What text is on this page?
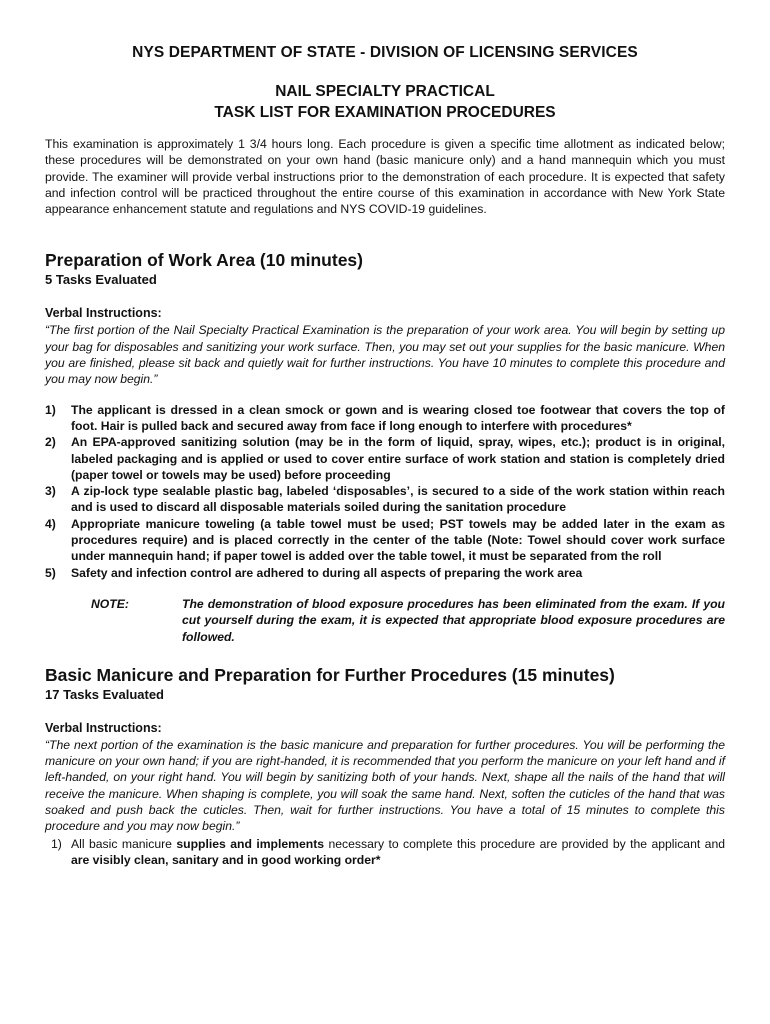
NYS DEPARTMENT OF STATE - DIVISION OF LICENSING SERVICES
NAIL SPECIALTY PRACTICAL
TASK LIST FOR EXAMINATION PROCEDURES

This examination is approximately 1 3/4 hours long. Each procedure is given a specific time allotment as indicated below; these procedures will be demonstrated on your own hand (basic manicure only) and a hand mannequin which you must provide. The examiner will provide verbal instructions prior to the demonstration of each procedure. It is expected that safety and infection control will be practiced throughout the entire course of this examination in accordance with New York State appearance enhancement statute and regulations and NYS COVID-19 guidelines.

Preparation of Work Area (10 minutes)
5 Tasks Evaluated
Verbal Instructions:
“The first portion of the Nail Specialty Practical Examination is the preparation of your work area. You will begin by setting up your bag for disposables and sanitizing your work surface. Then, you may set out your supplies for the basic manicure. When you are finished, please sit back and quietly wait for further instructions. You have 10 minutes to complete this procedure and you may now begin.”
1)	The applicant is dressed in a clean smock or gown and is wearing closed toe footwear that covers the top of foot. Hair is pulled back and secured away from face if long enough to interfere with procedures*
2)	An EPA-approved sanitizing solution (may be in the form of liquid, spray, wipes, etc.); product is in original, labeled packaging and is applied or used to cover entire surface of work station and station is completely dried (paper towel or towels may be used) before proceeding
3)	A zip-lock type sealable plastic bag, labeled ‘disposables’, is secured to a side of the work station within reach and is used to discard all disposable materials soiled during the sanitation procedure
4)	Appropriate manicure toweling (a table towel must be used; PST towels may be added later in the exam as procedures require) and is placed correctly in the center of the table (Note: Towel should cover work surface under mannequin hand; if paper towel is added over the table towel, it must be separated from the roll
5)	Safety and infection control are adhered to during all aspects of preparing the work area
NOTE:	The demonstration of blood exposure procedures has been eliminated from the exam. If you cut yourself during the exam, it is expected that appropriate blood exposure procedures are followed.
Basic Manicure and Preparation for Further Procedures (15 minutes)
17 Tasks Evaluated
Verbal Instructions:
“The next portion of the examination is the basic manicure and preparation for further procedures. You will be performing the manicure on your own hand; if you are right-handed, it is recommended that you perform the manicure on your left hand and if left-handed, on your right hand. You will begin by sanitizing both of your hands. Next, shape all the nails of the hand that will receive the manicure. When shaping is complete, you will soak the same hand. Next, soften the cuticles of the hand that was soaked and push back the cuticles. Then, wait for further instructions. You have a total of 15 minutes to complete this procedure and you may now begin.”
1) All basic manicure supplies and implements necessary to complete this procedure are provided by the applicant and are visibly clean, sanitary and in good working order*
